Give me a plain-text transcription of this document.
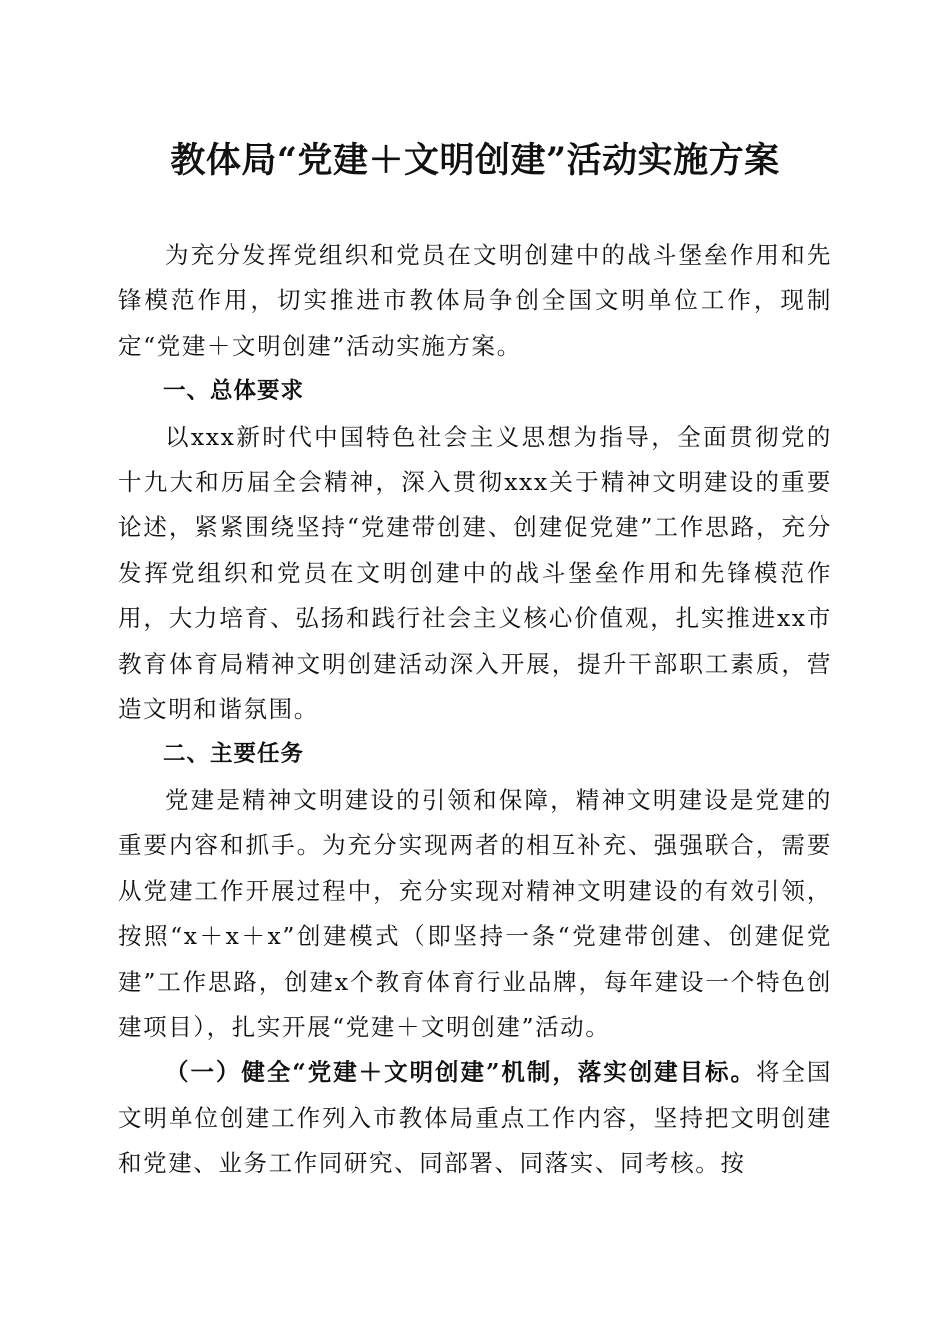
教体局“党建＋文明创建”活动实施方案

为充分发挥党组织和党员在文明创建中的战斗堡垒作用和先锋模范作用，切实推进市教体局争创全国文明单位工作，现制定“党建＋文明创建”活动实施方案。

一、总体要求

以xxx新时代中国特色社会主义思想为指导，全面贯彻党的十九大和历届全会精神，深入贯彻xxx关于精神文明建设的重要论述，紧紧围绕坚持“党建带创建、创建促党建”工作思路，充分发挥党组织和党员在文明创建中的战斗堡垒作用和先锋模范作用，大力培育、弘扬和践行社会主义核心价值观，扎实推进xx市教育体育局精神文明创建活动深入开展，提升干部职工素质，营造文明和谐氛围。

二、主要任务

党建是精神文明建设的引领和保障，精神文明建设是党建的重要内容和抓手。为充分实现两者的相互补充、强强联合，需要从党建工作开展过程中，充分实现对精神文明建设的有效引领，按照“x＋x＋x”创建模式（即坚持一条“党建带创建、创建促党建”工作思路，创建x个教育体育行业品牌，每年建设一个特色创建项目），扎实开展“党建＋文明创建”活动。

（一）健全“党建＋文明创建”机制，落实创建目标。将全国文明单位创建工作列入市教体局重点工作内容，坚持把文明创建和党建、业务工作同研究、同部署、同落实、同考核。按
